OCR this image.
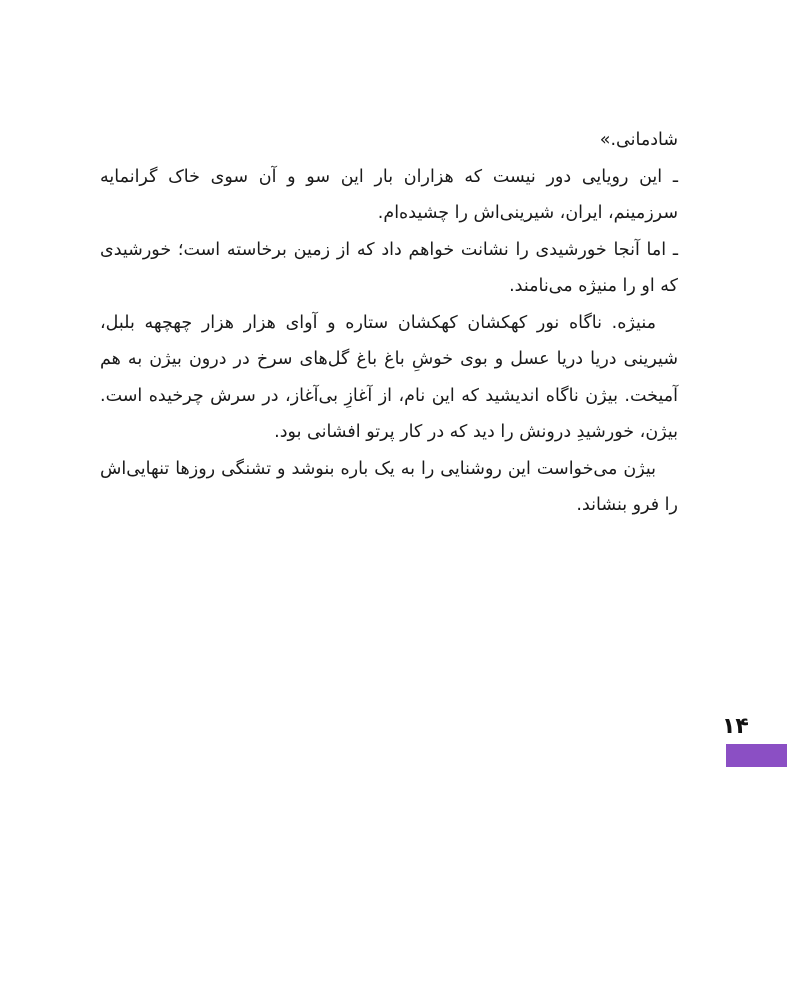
شادمانی.»

ـ این رویایی دور نیست که هزاران بار این سو و آن سوی خاک گرانمایه سرزمینم، ایران، شیرینی‌اش را چشیده‌ام.

ـ اما آنجا خورشیدی را نشانت خواهم داد که از زمین برخاسته است؛ خورشیدی که او را منیژه می‌نامند.

منیژه. ناگاه نور کهکشان کهکشان ستاره و آوای هزار هزار چهچهه بلبل، شیرینی دریا دریا عسل و بوی خوشِ باغ باغ گل‌های سرخ در درون بیژن به هم آمیخت. بیژن ناگاه اندیشید که این نام، از آغازِ بی‌آغاز، در سرش چرخیده است. بیژن، خورشیدِ درونش را دید که در کار پرتو افشانی بود.

بیژن می‌خواست این روشنایی را به یک باره بنوشد و تشنگی روزها تنهایی‌اش را فرو بنشاند.

۱۴
